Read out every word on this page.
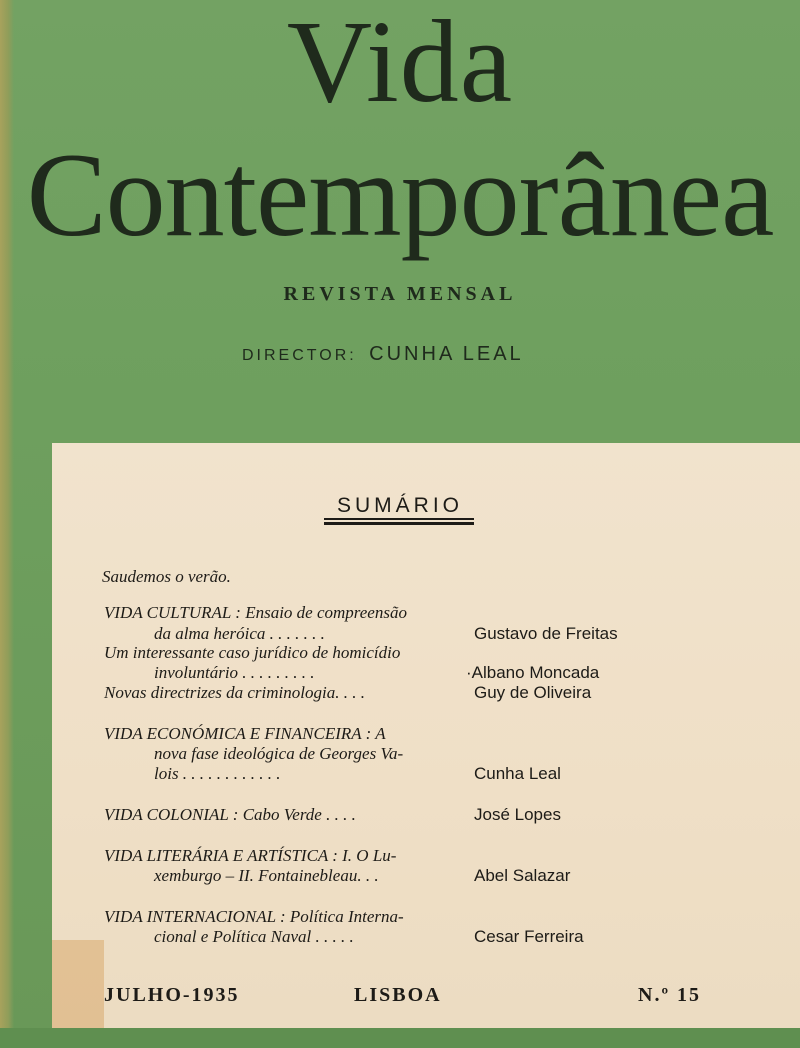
Vida
Contemporânea
REVISTA MENSAL
DIRECTOR: CUNHA LEAL
SUMÁRIO
Saudemos o verão.
VIDA CULTURAL : Ensaio de compreensão
da alma heróica . . . . . . .	Gustavo de Freitas
Um interessante caso jurídico de homicídio
involuntário . . . . . . . . .	·Albano Moncada
Novas directrizes da criminologia. . . .	Guy de Oliveira
VIDA ECONÓMICA E FINANCEIRA : A
nova fase ideológica de Georges Va-
lois . . . . . . . . . . . .	Cunha Leal
VIDA COLONIAL : Cabo Verde . . . .	José Lopes
VIDA LITERÁRIA E ARTÍSTICA : I. O Lu-
xemburgo – II. Fontainebleau. . .	Abel Salazar
VIDA INTERNACIONAL : Política Interna-
cional e Política Naval . . . . .	Cesar Ferreira
JULHO-1935	LISBOA	N.º 15
